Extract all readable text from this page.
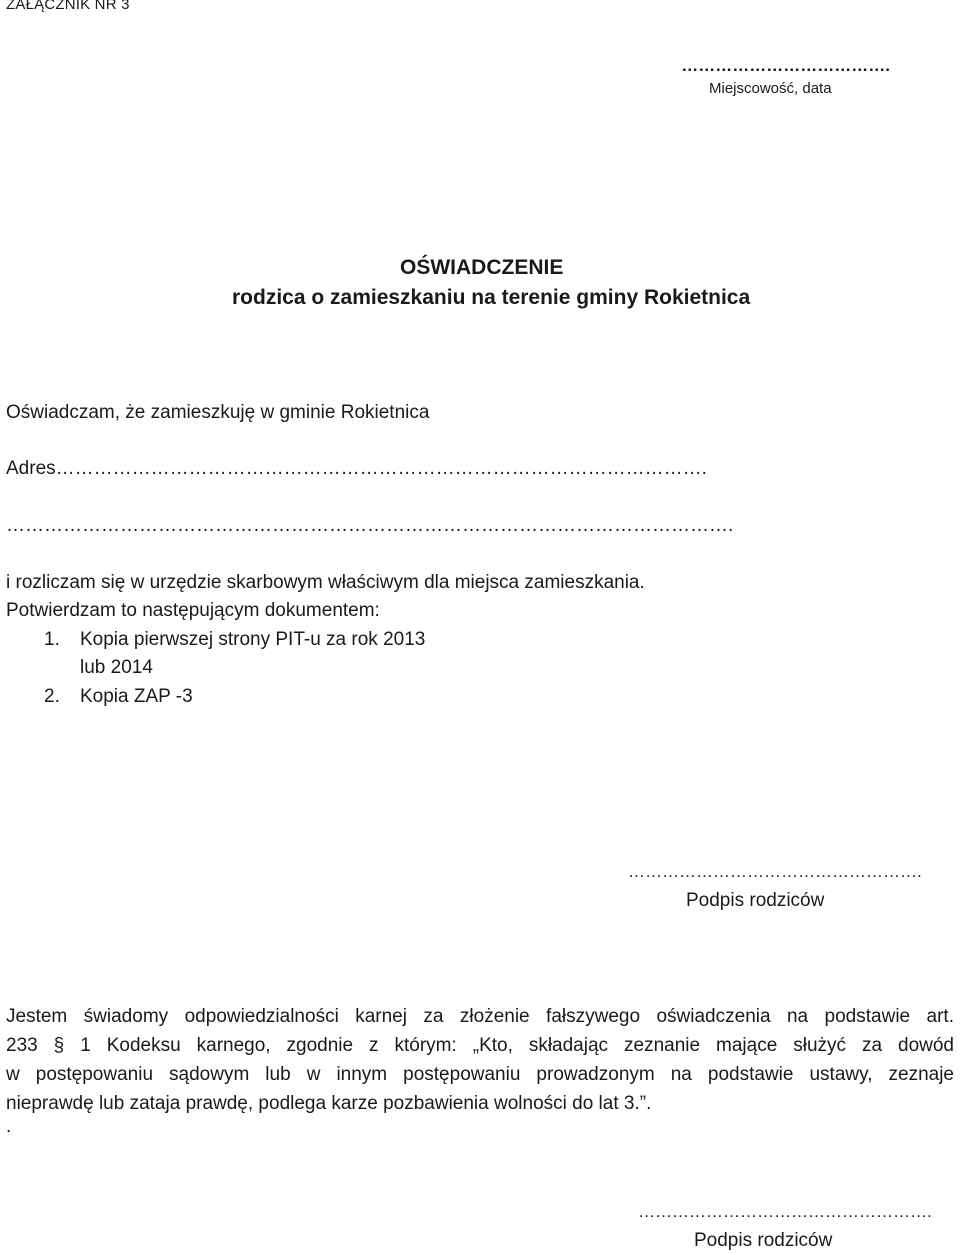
ZAŁĄCZNIK NR 3
……………………………….
Miejscowość, data
OŚWIADCZENIE
rodzica o zamieszkaniu na terenie gminy Rokietnica
Oświadczam, że zamieszkuję w gminie Rokietnica
Adres………………………………………………………………………………………….
…………………………………………………………………………………………………….
i rozliczam się w urzędzie skarbowym właściwym dla miejsca zamieszkania.
Potwierdzam to następującym dokumentem:
1. Kopia pierwszej strony PIT-u za rok 2013
lub 2014
2. Kopia ZAP -3
…………………………………………….
Podpis rodziców
Jestem świadomy odpowiedzialności karnej za złożenie fałszywego oświadczenia na podstawie art.
233 § 1 Kodeksu karnego, zgodnie z którym: „Kto, składając zeznanie mające służyć za dowód
w postępowaniu sądowym lub w innym postępowaniu prowadzonym na podstawie ustawy, zeznaje
nieprawdę lub zataja prawdę, podlega karze pozbawienia wolności do lat 3.”.
.
…………………………………………….
Podpis rodziców
